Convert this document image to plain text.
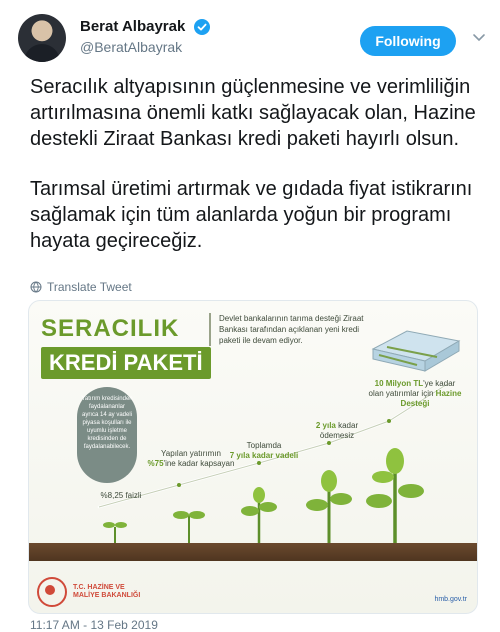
Berat Albayrak
@BeratAlbayrak	Following

Seracılık altyapısının güçlenmesine ve verimliliğin artırılmasına önemli katkı sağlayacak olan, Hazine destekli Ziraat Bankası kredi paketi hayırlı olsun.

Tarımsal üretimi artırmak ve gıdada fiyat istikrarını sağlamak için tüm alanlarda yoğun bir programı hayata geçireceğiz.

Translate Tweet
SERACILIK
KREDİ PAKETİ
Devlet bankalarının tarıma desteği Ziraat Bankası tarafından açıklanan yeni kredi paketi ile devam ediyor.
Yatırım kredisinden faydalananlar ayrıca 14 ay vadeli piyasa koşulları ile uyumlu işletme kredisinden de faydalanabilecek.
%8,25 faizli
Yapılan yatırımın
%75'ine kadar kapsayan
Toplamda
7 yıla kadar vadeli
2 yıla kadar ödemesiz
10 Milyon TL'ye kadar olan yatırımlar için Hazine Desteği
T.C. HAZİNE VE
MALİYE BAKANLIĞI
hmb.gov.tr
11:17 AM - 13 Feb 2019
